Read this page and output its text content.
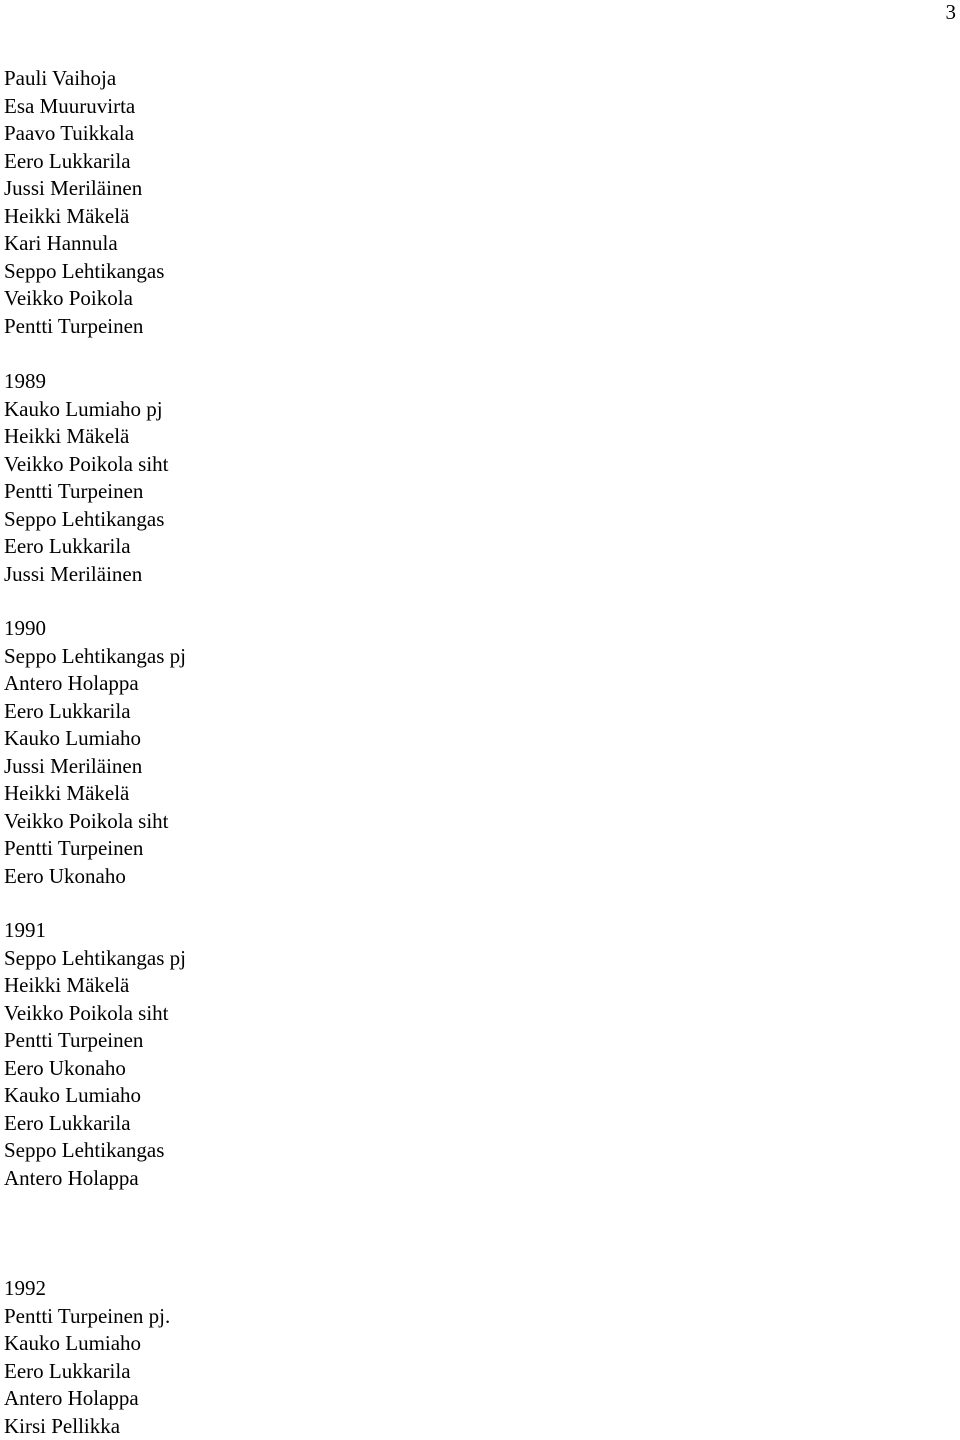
3
Pauli Vaihoja
Esa Muuruvirta
Paavo Tuikkala
Eero Lukkarila
Jussi Meriläinen
Heikki Mäkelä
Kari Hannula
Seppo Lehtikangas
Veikko Poikola
Pentti Turpeinen
1989
Kauko Lumiaho pj
Heikki Mäkelä
Veikko Poikola siht
Pentti Turpeinen
Seppo Lehtikangas
Eero Lukkarila
Jussi Meriläinen
1990
Seppo Lehtikangas pj
Antero Holappa
Eero Lukkarila
Kauko Lumiaho
Jussi Meriläinen
Heikki Mäkelä
Veikko Poikola siht
Pentti Turpeinen
Eero Ukonaho
1991
Seppo Lehtikangas pj
Heikki Mäkelä
Veikko Poikola siht
Pentti Turpeinen
Eero Ukonaho
Kauko Lumiaho
Eero Lukkarila
Seppo Lehtikangas
Antero Holappa
1992
Pentti Turpeinen pj.
Kauko Lumiaho
Eero Lukkarila
Antero Holappa
Kirsi Pellikka
